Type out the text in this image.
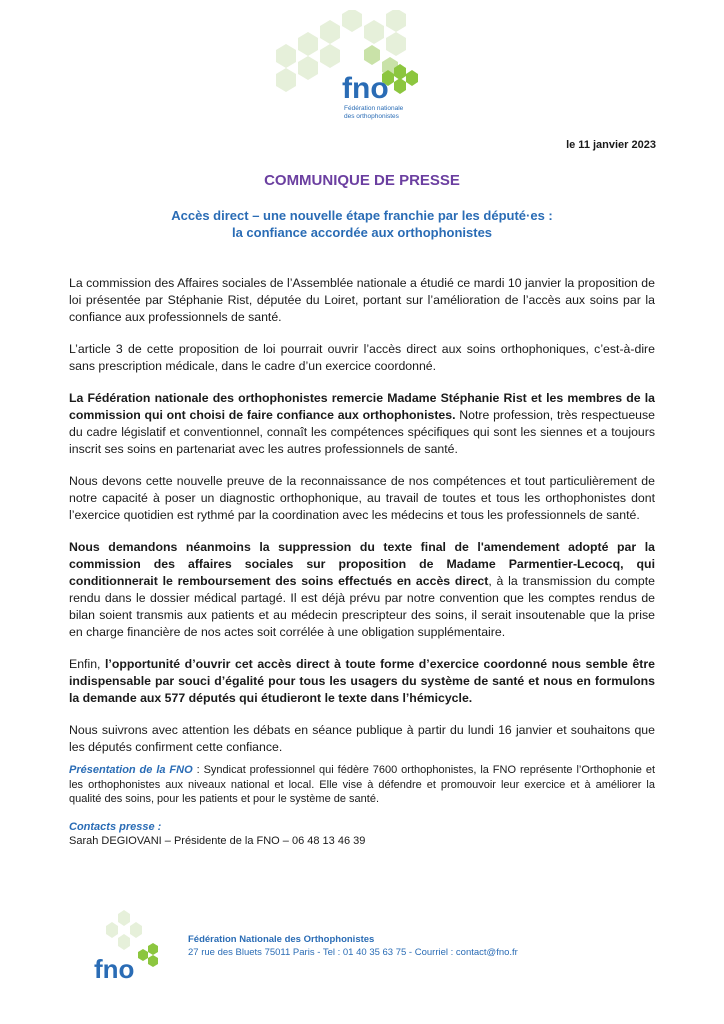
fno
Fédération nationale
des orthophonistes
le 11 janvier 2023
COMMUNIQUE DE PRESSE
Accès direct – une nouvelle étape franchie par les député·es :
la confiance accordée aux orthophonistes

La commission des Affaires sociales de l’Assemblée nationale a étudié ce mardi 10 janvier la proposition de loi présentée par Stéphanie Rist, députée du Loiret, portant sur l’amélioration de l’accès aux soins par la confiance aux professionnels de santé.

L’article 3 de cette proposition de loi pourrait ouvrir l’accès direct aux soins orthophoniques, c’est-à-dire sans prescription médicale, dans le cadre d’un exercice coordonné.

La Fédération nationale des orthophonistes remercie Madame Stéphanie Rist et les membres de la commission qui ont choisi de faire confiance aux orthophonistes. Notre profession, très respectueuse du cadre législatif et conventionnel, connaît les compétences spécifiques qui sont les siennes et a toujours inscrit ses soins en partenariat avec les autres professionnels de santé.

Nous devons cette nouvelle preuve de la reconnaissance de nos compétences et tout particulièrement de notre capacité à poser un diagnostic orthophonique, au travail de toutes et tous les orthophonistes dont l’exercice quotidien est rythmé par la coordination avec les médecins et tous les professionnels de santé.

Nous demandons néanmoins la suppression du texte final de l'amendement adopté par la commission des affaires sociales sur proposition de Madame Parmentier-Lecocq, qui conditionnerait le remboursement des soins effectués en accès direct, à la transmission du compte rendu dans le dossier médical partagé. Il est déjà prévu par notre convention que les comptes rendus de bilan soient transmis aux patients et au médecin prescripteur des soins, il serait insoutenable que la prise en charge financière de nos actes soit corrélée à une obligation supplémentaire.

Enfin, l’opportunité d’ouvrir cet accès direct à toute forme d’exercice coordonné nous semble être indispensable par souci d’égalité pour tous les usagers du système de santé et nous en formulons la demande aux 577 députés qui étudieront le texte dans l’hémicycle.

Nous suivrons avec attention les débats en séance publique à partir du lundi 16 janvier et souhaitons que les députés confirment cette confiance.

Présentation de la FNO : Syndicat professionnel qui fédère 7600 orthophonistes, la FNO représente l’Orthophonie et les orthophonistes aux niveaux national et local. Elle vise à défendre et promouvoir leur exercice et à améliorer la qualité des soins, pour les patients et pour le système de santé.

Contacts presse :
Sarah DEGIOVANI – Présidente de la FNO – 06 48 13 46 39
fno
Fédération Nationale des Orthophonistes
27 rue des Bluets 75011 Paris - Tel : 01 40 35 63 75 - Courriel : contact@fno.fr
